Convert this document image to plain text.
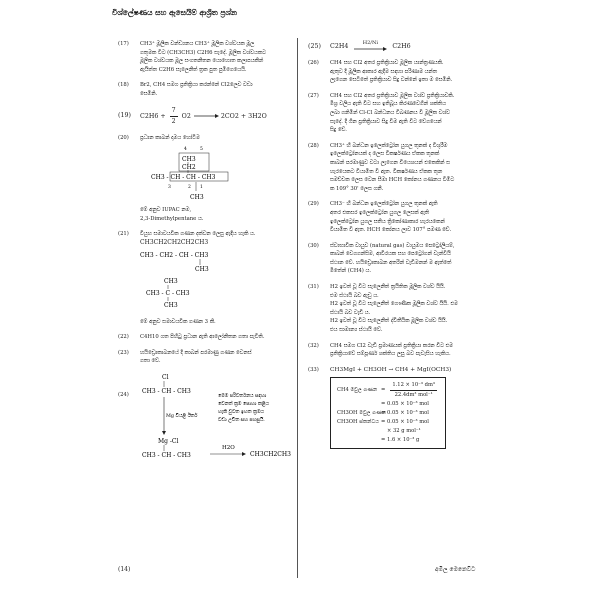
විශ්ලේෂණය සහ ඇසෙයිම් ආශ්‍රිත ප්‍රශ්න
(17)	CH3⁺ මූලික වන්ඩ්‍යනය CH3⁺ මූලික වශ්වයක මූල
ගතුමක වීට (CH3CH3) C2H6 සැදේ. මූලික වශ්වයකට
මූලික වශ්වයක මූල සංගතනීතන යොහොත කලාපයකීන්
ඇයිත්ත C2H6 සැලෙනීත් ත්‍රක පුත පුමිගෙයෙයි.
(18)	Br2, CH4 සමග ප්‍රතික්‍රියා කරන්නේ Cl2ලෙව වඩා
සෙමිනි.
(19)	$C2H6 + \frac{7}{2} O2$	2CO2 + 3H2O
(20)	ප්‍රධාන කාබන් දාමය හෝ‌ටිම
4	5
CH3
CH2
CH3 - CH - CH - CH3
3	2 1
CH3
මේ අනුව IUPAC නම,
2,3-Dimethylpentane ය.
(21)	වියුහ සමාවයවික ගණන දක්වන ලෙසු ඇඳිය හැකි ය.
CH3CH2CH2CH2CH3
CH3 - CH2 - CH - CH3
CH3
CH3
CH3 - C - CH3
CH3
මේ අනුව සමාවයවික ගණන 3 කී.
(22)	C4H10 ගත පිහිටු ප්‍රධාන ඇති ආලෝනීතන ගතා පැවීති.
(23)	හයිඩ්‍රොකාබනයේ දී කාබන් පරමාණු ගණන වෙනස්
ගතා වේ.
(24)
Cl
CH3 - CH - CH3
මෙම පරිවර්තනය සඳහා
වෙනත් ක්‍රම පොහා කළිය
හැකි වුවත ඉහත ක්‍රමය
වඩා උචිත සහ පහසුයි.
Mg වියළි ඊතර්
Mg -Cl
CH3 - CH - CH3
H2O
CH3CH2CH3
(25)	C2H4	H2/Ni C2H6
(26)	CH4 සහ Cl2 අතර ප්‍රතික්‍රියාව මූලික යාන්ත්‍රණයකි.
ඇතුව දී මූලික ආකාර ඇදීම සඳහා පරිණාම යන්ත
ලැගෙන සෙටීතේ ප්‍රතික්‍රියාව සිදු වන්නේ ඉතා ම සෙමිනි.
(27)	CH4 සහ Cl2 අතර ප්‍රතික්‍රියාව මූලික වශ්ව ප්‍රතික්‍රියාවකි.
මිශ්‍ර වලිය ඇති විට සහ ඉතිබූය කිරණවෙගින් ශක්තිය
ලබා ගනිමින් Cl-Cl බන්ධනය විඛණනය වී මූලික වශ්ව
සැදේ. දී ගින ප්‍රතික්‍රියාව සිදු වීම ඇති වීට වේගයෙන්
සිදු වේ.
(28)	CH3⁺ හී බන්ධන ඉලෙක්ට්‍රෝන යුගල තුනක් ද විශුරීම
ඉලෙක්ට්‍රෝනයක් ද ලෙස විකර්ෂණය ඒකක තුනක්
කාබන් පරමාණුව වටා ලැගෙන වියෙශයන් එකෙකින් ස
හැරයෙකට වියාමිත වී ඇත. විකර්ෂණය ඒකක තුන
සමච්චක ලෙස වෙන සීමා HCH කෝනය ගණනය වීමිට
ක 109° 30' ලෙස ගනී.
(29)	CH3⁻ හී බන්ධන ඉලෙක්ට්‍රෝන යුගල තුනක් ඇති
අතර එකසර ඉලෙක්ට්‍රෝන යුගල ලෙසක් ඇති
ඉලෙක්ට්‍රෝන යුගල සතීය ත්‍රිකෝණාකාර හැරයකෙන්
වියාමිත වී ඇත. HCH කෝනය ලාව 107° පමණ වේ.
(30)	ස්වාභාවික වායුව (natural gas) වායුමය පෙට්‍රෝලියම්,
කාබන් වෙගගන්සිම, ආවිරයක සහ පෙට්‍රෝගන් වැන්වීයි
ස්ථාන වේ. හයිඩ්‍රොකාබන අතරින් වැඩිමනන් ම ඇත්තේ
මිතේන් (CH4) ය.
(31)	H2 ඉවත් වූ විට සැලෙනීත් ත්‍රයිතික මූලික වශ්ව යියි.
එම ස්ථායි බව ඇඩු ය.
H2 ඉවත් වූ විට සැලෙනීත් ගෞණික මූලික වශ්ව යියි. එම
ස්ථායි බව වැඩි ය.
H2 ඉවත් වූ විට සැලෙනීත් ද්විතීයික මූලික වශ්ව යියි.
එය සාමාන්‍ය ස්ථායි වේ.
(32)	CH4 සමග Cl2 වැඩි ප්‍රමාණයක් ප්‍රතික්‍රියා කරන විට එම
ප්‍රතික්‍රියාවේ සම්පූර්ණ ශක්තිය ලඝු බව පැවැසිය හැකිය.
(33)	CH3MgI + CH3OH → CH4 + MgI(OCH3)
CH4 මවුල ගණන = $\frac{\text{1.12 × 10⁻³ dm³}}{\text{22.4dm³ mol⁻¹}}$
= 0.05 × 10⁻³ mol
CH3OH මවුල ගණන
= 0.05 × 10⁻³ mol
CH3OH ස්කන්ධය = 0.05 × 10⁻³ mol
× 32 g mol⁻¹
= 1.6 × 10⁻³ g
(14)	අමිල මෙනෙවිට
